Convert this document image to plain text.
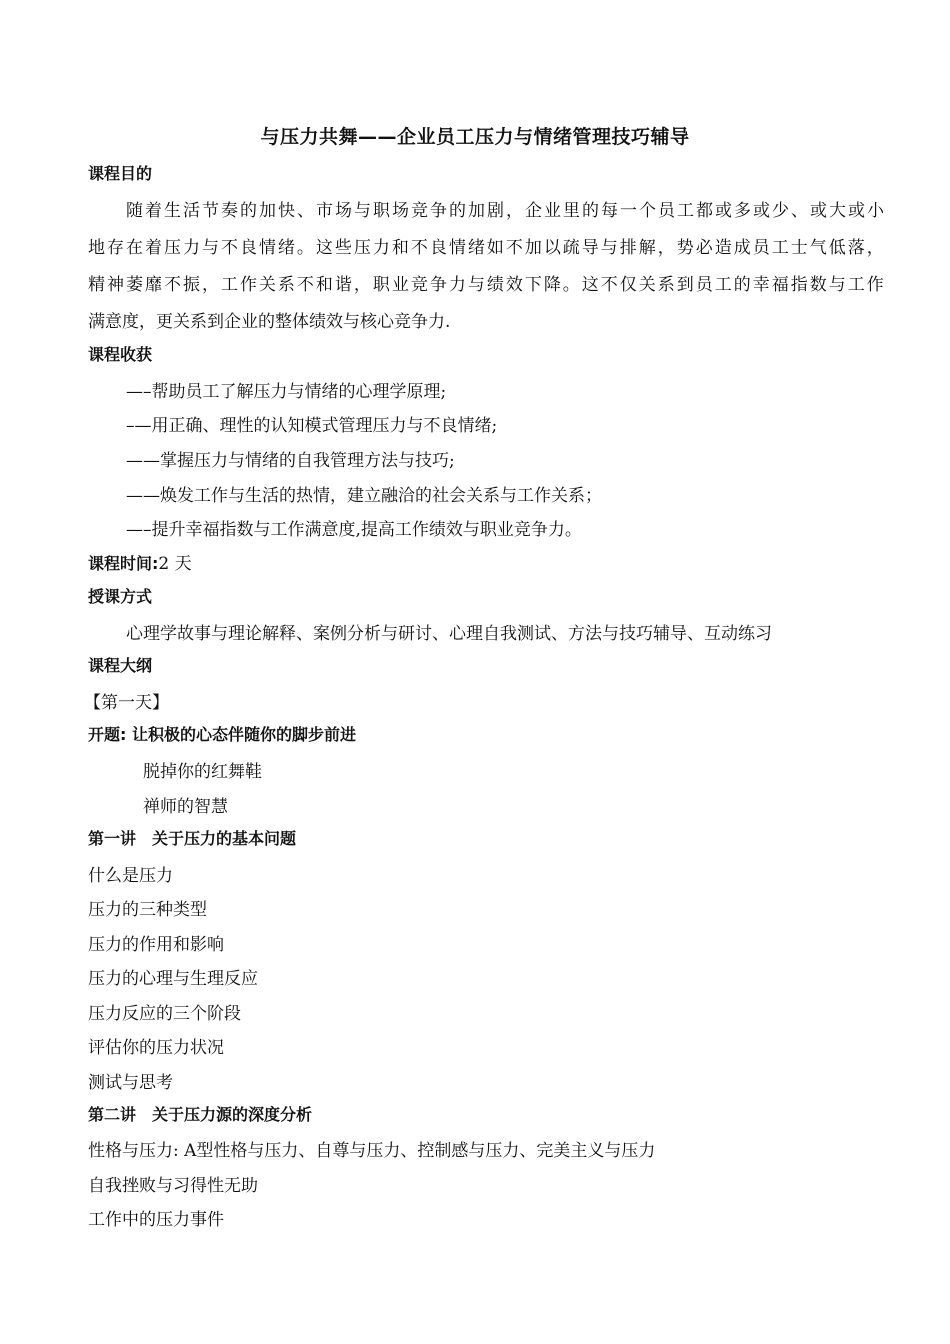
与压力共舞——企业员工压力与情绪管理技巧辅导
课程目的
随着生活节奏的加快、市场与职场竞争的加剧，企业里的每一个员工都或多或少、或大或小
地存在着压力与不良情绪。这些压力和不良情绪如不加以疏导与排解，势必造成员工士气低落，
精神萎靡不振，工作关系不和谐，职业竞争力与绩效下降。这不仅关系到员工的幸福指数与工作
满意度，更关系到企业的整体绩效与核心竞争力.
课程收获
—–帮助员工了解压力与情绪的心理学原理;
–—用正确、理性的认知模式管理压力与不良情绪;
——掌握压力与情绪的自我管理方法与技巧;
——焕发工作与生活的热情，建立融洽的社会关系与工作关系；
—–提升幸福指数与工作满意度,提高工作绩效与职业竞争力。
课程时间:2 天
授课方式
心理学故事与理论解释、案例分析与研讨、心理自我测试、方法与技巧辅导、互动练习
课程大纲
【第一天】
开题: 让积极的心态伴随你的脚步前进
脱掉你的红舞鞋
禅师的智慧
第一讲　关于压力的基本问题
什么是压力
压力的三种类型
压力的作用和影响
压力的心理与生理反应
压力反应的三个阶段
评估你的压力状况
测试与思考
第二讲　关于压力源的深度分析
性格与压力: A型性格与压力、自尊与压力、控制感与压力、完美主义与压力
自我挫败与习得性无助
工作中的压力事件
